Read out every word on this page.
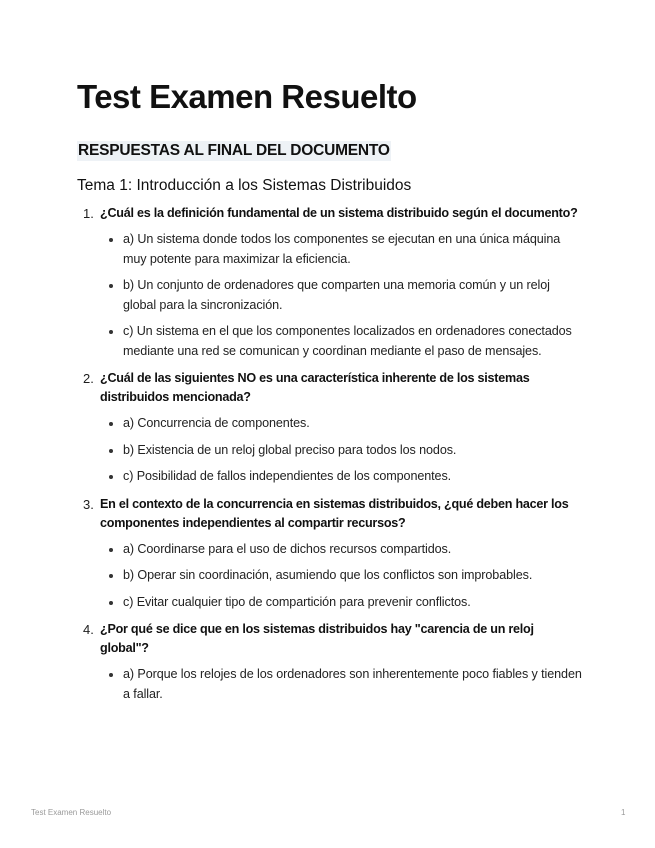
Test Examen Resuelto
RESPUESTAS AL FINAL DEL DOCUMENTO
Tema 1: Introducción a los Sistemas Distribuidos
1. ¿Cuál es la definición fundamental de un sistema distribuido según el documento?
a) Un sistema donde todos los componentes se ejecutan en una única máquina muy potente para maximizar la eficiencia.
b) Un conjunto de ordenadores que comparten una memoria común y un reloj global para la sincronización.
c) Un sistema en el que los componentes localizados en ordenadores conectados mediante una red se comunican y coordinan mediante el paso de mensajes.
2. ¿Cuál de las siguientes NO es una característica inherente de los sistemas distribuidos mencionada?
a) Concurrencia de componentes.
b) Existencia de un reloj global preciso para todos los nodos.
c) Posibilidad de fallos independientes de los componentes.
3. En el contexto de la concurrencia en sistemas distribuidos, ¿qué deben hacer los componentes independientes al compartir recursos?
a) Coordinarse para el uso de dichos recursos compartidos.
b) Operar sin coordinación, asumiendo que los conflictos son improbables.
c) Evitar cualquier tipo de compartición para prevenir conflictos.
4. ¿Por qué se dice que en los sistemas distribuidos hay "carencia de un reloj global"?
a) Porque los relojes de los ordenadores son inherentemente poco fiables y tienden a fallar.
Test Examen Resuelto	1
